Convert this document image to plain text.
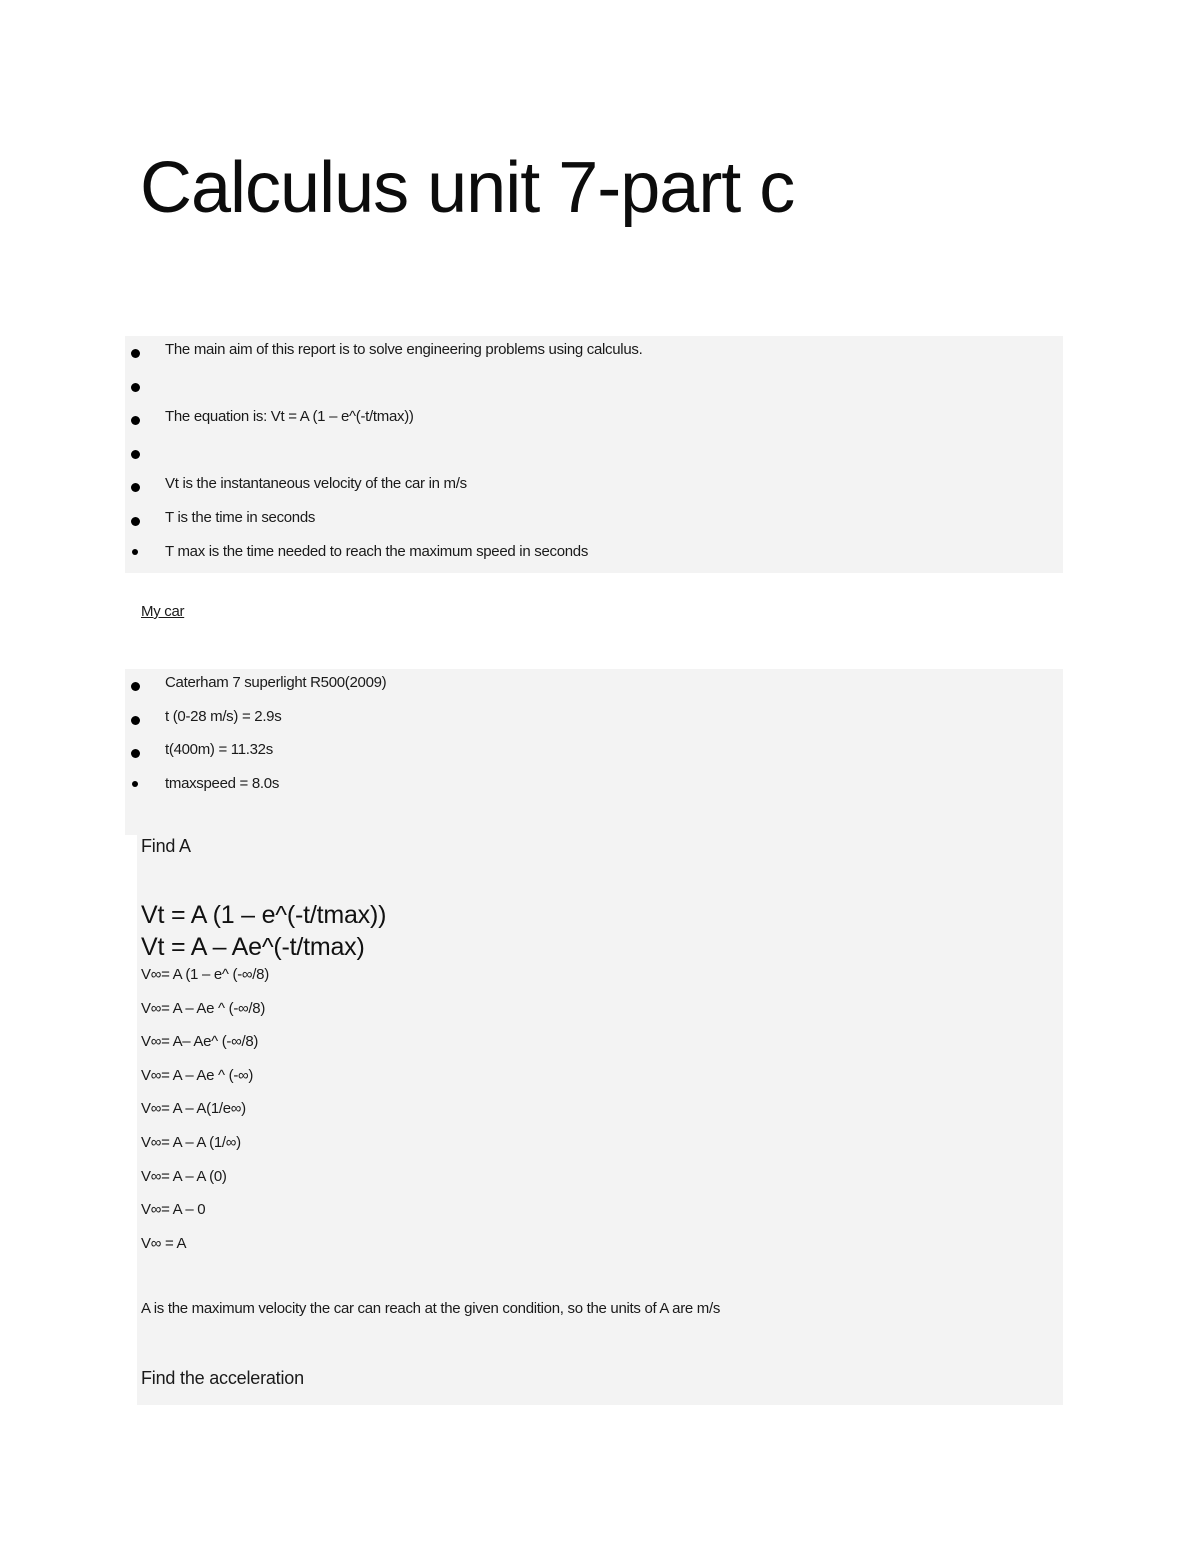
Calculus unit 7-part c
The main aim of this report is to solve engineering problems using calculus.
The equation is: Vt = A (1 – e^(-t/tmax))
Vt is the instantaneous velocity of the car in m/s
T is the time in seconds
T max is the time needed to reach the maximum speed in seconds
My car
Caterham 7 superlight R500(2009)
t (0-28 m/s) = 2.9s
t(400m) = 11.32s
tmaxspeed = 8.0s
Find A
Vt = A (1 – e^(-t/tmax))
Vt = A – Ae^(-t/tmax)
V∞= A (1 – e^ (-∞/8)
V∞= A – Ae ^ (-∞/8)
V∞= A– Ae^ (-∞/8)
V∞= A – Ae ^ (-∞)
V∞= A – A(1/e∞)
V∞= A – A (1/∞)
V∞= A – A (0)
V∞= A – 0
V∞ = A
A is the maximum velocity the car can reach at the given condition, so the units of A are m/s
Find the acceleration
